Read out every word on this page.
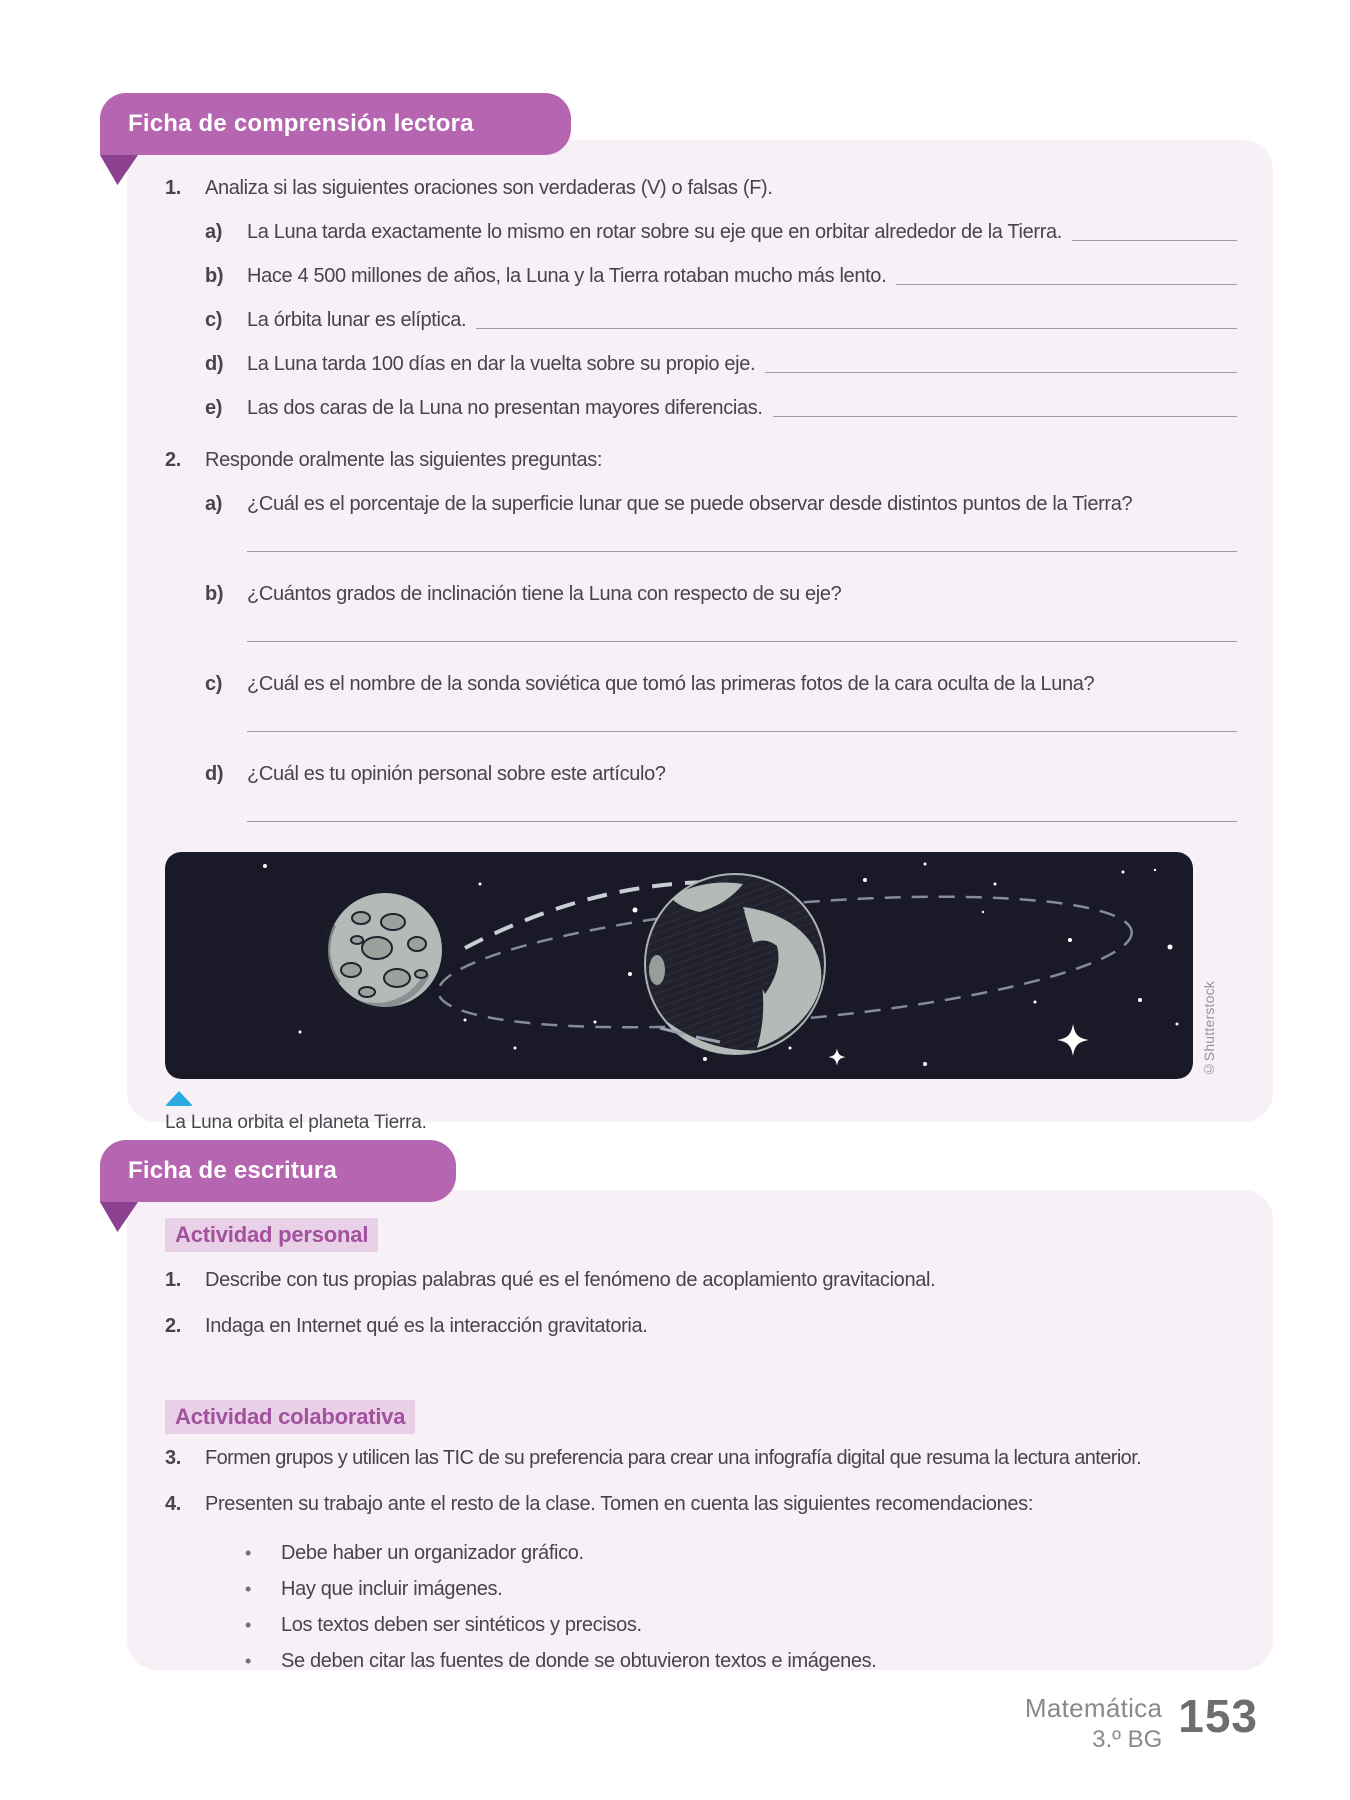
Ficha de comprensión lectora
1.	Analiza si las siguientes oraciones son verdaderas (V) o falsas (F).
a)	La Luna tarda exactamente lo mismo en rotar sobre su eje que en orbitar alrededor de la Tierra.
b)	Hace 4 500 millones de años, la Luna y la Tierra rotaban mucho más lento.
c)	La órbita lunar es elíptica.
d)	La Luna tarda 100 días en dar la vuelta sobre su propio eje.
e)	Las dos caras de la Luna no presentan mayores diferencias.
2.	Responde oralmente las siguientes preguntas:
a)	¿Cuál es el porcentaje de la superficie lunar que se puede observar desde distintos puntos de la Tierra?
b)	¿Cuántos grados de inclinación tiene la Luna con respecto de su eje?
c)	¿Cuál es el nombre de la sonda soviética que tomó las primeras fotos de la cara oculta de la Luna?
d)	¿Cuál es tu opinión personal sobre este artículo?
©Shutterstock
La Luna orbita el planeta Tierra.
Ficha de escritura
Actividad personal
1.	Describe con tus propias palabras qué es el fenómeno de acoplamiento gravitacional.
2.	Indaga en Internet qué es la interacción gravitatoria.
Actividad colaborativa
3.	Formen grupos y utilicen las TIC de su preferencia para crear una infografía digital que resuma la lectura anterior.
4.	Presenten su trabajo ante el resto de la clase. Tomen en cuenta las siguientes recomendaciones:
•	Debe haber un organizador gráfico.
•	Hay que incluir imágenes.
•	Los textos deben ser sintéticos y precisos.
•	Se deben citar las fuentes de donde se obtuvieron textos e imágenes.
Matemática
3.º BG 153
